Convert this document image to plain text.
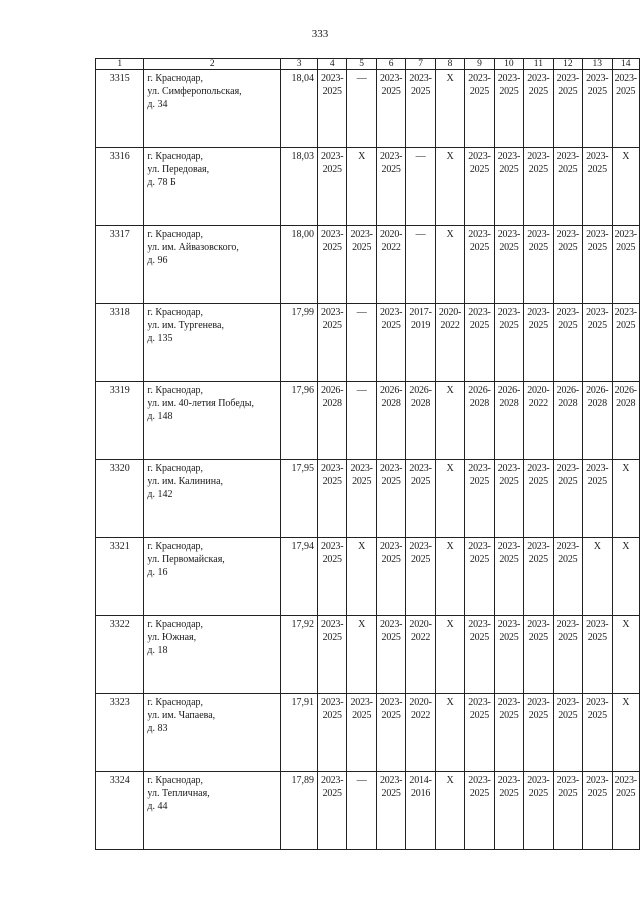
333
1	2	3	4	5	6	7	8	9	10	11	12	13	14
3315	г. Краснодар,
ул. Симферопольская,
д. 34	18,04	2023-
2025	—	2023-
2025	2023-
2025	Х	2023-
2025	2023-
2025	2023-
2025	2023-
2025	2023-
2025	2023-
2025

3316	г. Краснодар,
ул. Передовая,
д. 78 Б	18,03	2023-
2025	Х	2023-
2025	—	Х	2023-
2025	2023-
2025	2023-
2025	2023-
2025	2023-
2025	Х

3317	г. Краснодар,
ул. им. Айвазовского,
д. 96	18,00	2023-
2025	2023-
2025	2020-
2022	—	Х	2023-
2025	2023-
2025	2023-
2025	2023-
2025	2023-
2025	2023-
2025

3318	г. Краснодар,
ул. им. Тургенева,
д. 135	17,99	2023-
2025	—	2023-
2025	2017-
2019	2020-
2022	2023-
2025	2023-
2025	2023-
2025	2023-
2025	2023-
2025	2023-
2025

3319	г. Краснодар,
ул. им. 40-летия Победы,
д. 148	17,96	2026-
2028	—	2026-
2028	2026-
2028	Х	2026-
2028	2026-
2028	2020-
2022	2026-
2028	2026-
2028	2026-
2028

3320	г. Краснодар,
ул. им. Калинина,
д. 142	17,95	2023-
2025	2023-
2025	2023-
2025	2023-
2025	Х	2023-
2025	2023-
2025	2023-
2025	2023-
2025	2023-
2025	Х

3321	г. Краснодар,
ул. Первомайская,
д. 16	17,94	2023-
2025	Х	2023-
2025	2023-
2025	Х	2023-
2025	2023-
2025	2023-
2025	2023-
2025	Х	Х

3322	г. Краснодар,
ул. Южная,
д. 18	17,92	2023-
2025	Х	2023-
2025	2020-
2022	Х	2023-
2025	2023-
2025	2023-
2025	2023-
2025	2023-
2025	Х

3323	г. Краснодар,
ул. им. Чапаева,
д. 83	17,91	2023-
2025	2023-
2025	2023-
2025	2020-
2022	Х	2023-
2025	2023-
2025	2023-
2025	2023-
2025	2023-
2025	Х

3324	г. Краснодар,
ул. Тепличная,
д. 44	17,89	2023-
2025	—	2023-
2025	2014-
2016	Х	2023-
2025	2023-
2025	2023-
2025	2023-
2025	2023-
2025	2023-
2025
